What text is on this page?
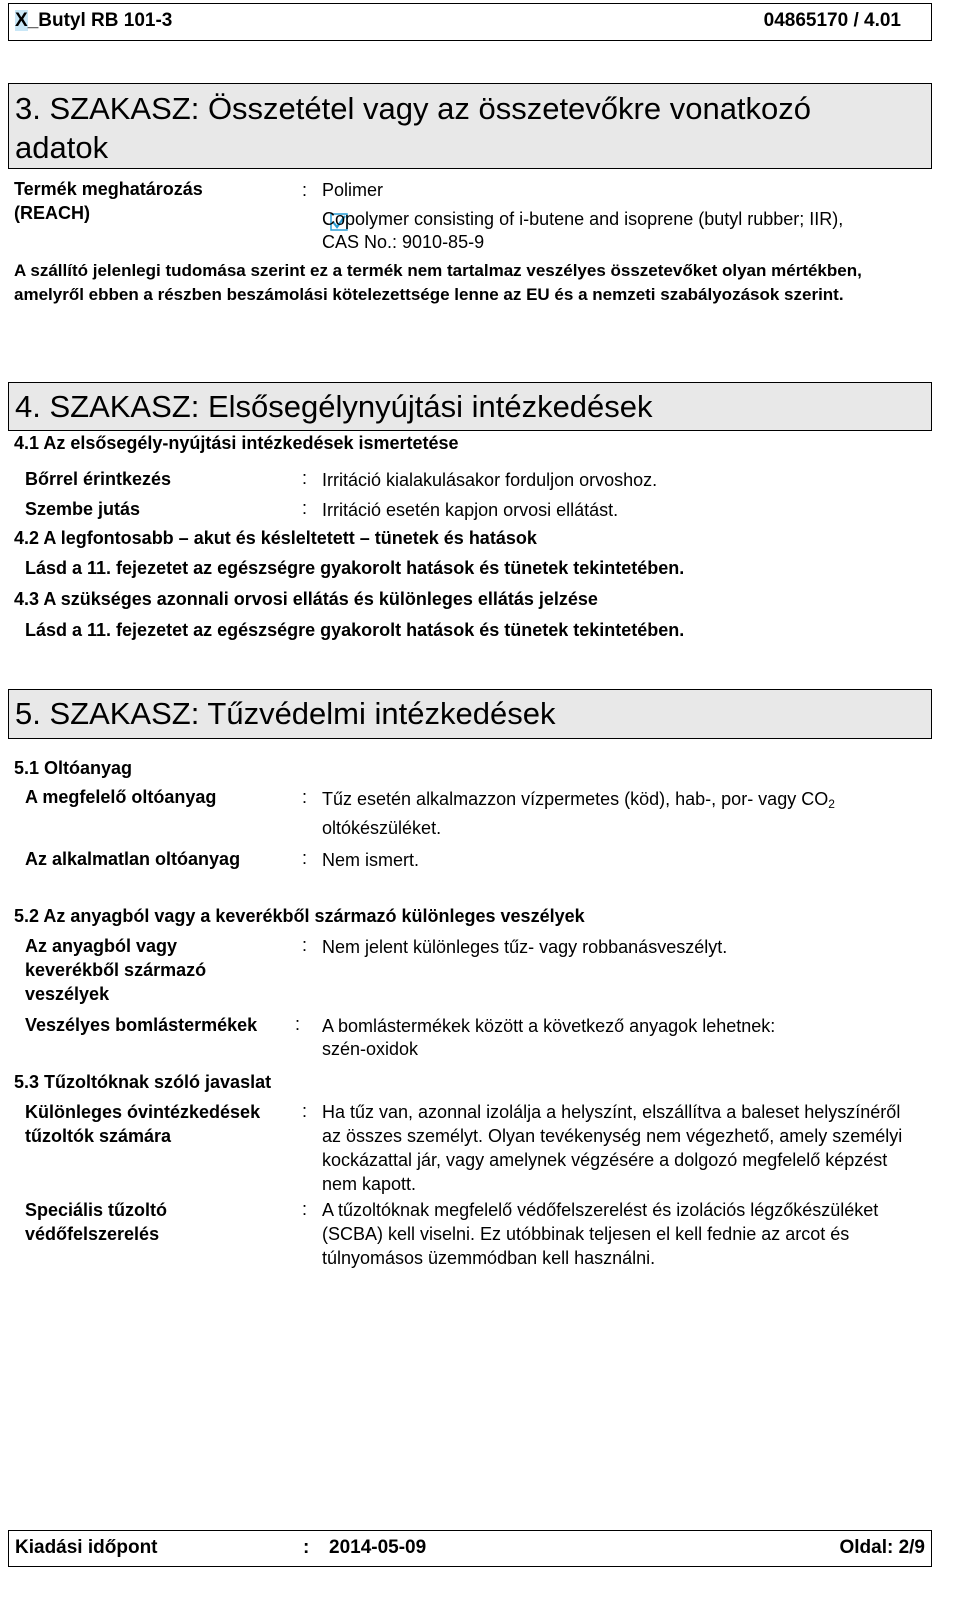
X_Butyl RB 101-3	04865170 / 4.01
3. SZAKASZ: Összetétel vagy az összetevőkre vonatkozó adatok
Termék meghatározás (REACH)
: Polimer
Copolymer consisting of i-butene and isoprene (butyl rubber; IIR),
CAS No.: 9010-85-9
A szállító jelenlegi tudomása szerint ez a termék nem tartalmaz veszélyes összetevőket olyan mértékben, amelyről ebben a részben beszámolási kötelezettsége lenne az EU és a nemzeti szabályozások szerint.
4. SZAKASZ: Elsősegélynyújtási intézkedések
4.1 Az elsősegély-nyújtási intézkedések ismertetése
Bőrrel érintkezés	: Irritáció kialakulásakor forduljon orvoshoz.
Szembe jutás	: Irritáció esetén kapjon orvosi ellátást.
4.2 A legfontosabb – akut és késleltetett – tünetek és hatások
Lásd a 11. fejezetet az egészségre gyakorolt hatások és tünetek tekintetében.
4.3 A szükséges azonnali orvosi ellátás és különleges ellátás jelzése
Lásd a 11. fejezetet az egészségre gyakorolt hatások és tünetek tekintetében.
5. SZAKASZ: Tűzvédelmi intézkedések
5.1 Oltóanyag
A megfelelő oltóanyag	: Tűz esetén alkalmazzon vízpermetes (köd), hab-, por- vagy $CO_2$
oltókészüléket.
Az alkalmatlan oltóanyag	: Nem ismert.
5.2 Az anyagból vagy a keverékből származó különleges veszélyek
Az anyagból vagy keverékből származó veszélyek
: Nem jelent különleges tűz- vagy robbanásveszélyt.
Veszélyes bomlástermékek : A bomlástermékek között a következő anyagok lehetnek:
szén-oxidok
5.3 Tűzoltóknak szóló javaslat
Különleges óvintézkedések tűzoltók számára
: Ha tűz van, azonnal izolálja a helyszínt, elszállítva a baleset helyszínéről az összes személyt. Olyan tevékenység nem végezhető, amely személyi kockázattal jár, vagy amelynek végzésére a dolgozó megfelelő képzést nem kapott.
Speciális tűzoltó védőfelszerelés
: A tűzoltóknak megfelelő védőfelszerelést és izolációs légzőkészüléket (SCBA) kell viselni. Ez utóbbinak teljesen el kell fednie az arcot és túlnyomásos üzemmódban kell használni.
Kiadási időpont	: 2014-05-09	Oldal: 2/9
